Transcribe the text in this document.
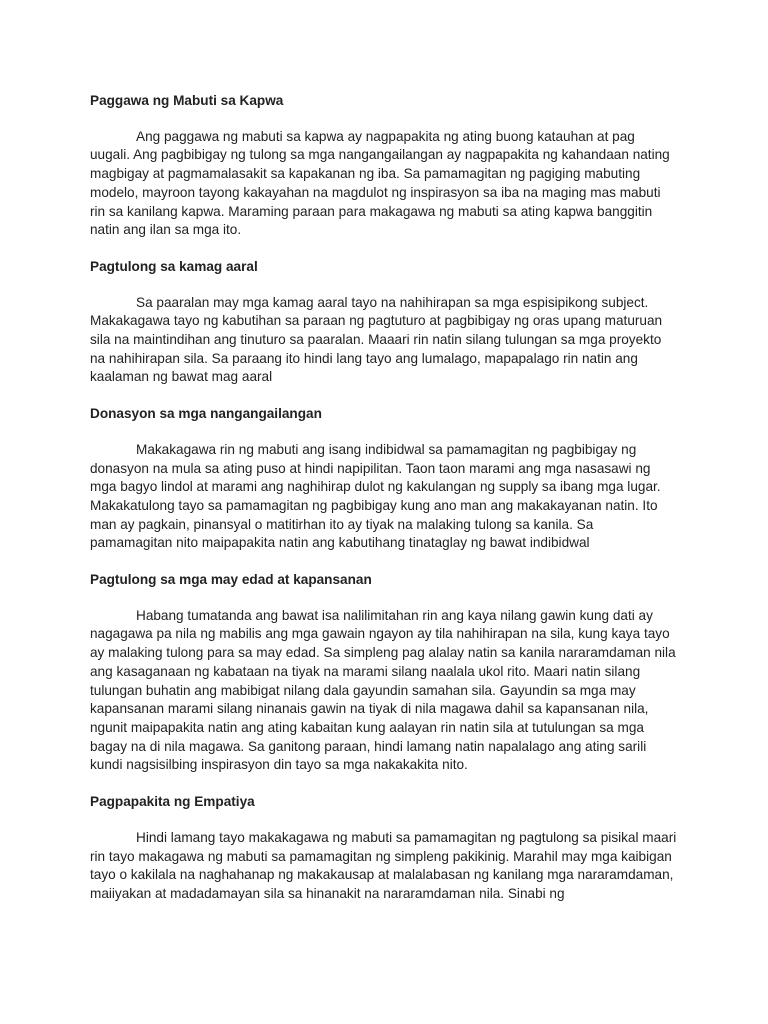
Paggawa ng Mabuti sa Kapwa

Ang paggawa ng mabuti sa kapwa ay nagpapakita ng ating buong katauhan at pag uugali. Ang pagbibigay ng tulong sa mga nangangailangan ay nagpapakita ng kahandaan nating magbigay at pagmamalasakit sa kapakanan ng iba. Sa pamamagitan ng pagiging mabuting modelo, mayroon tayong kakayahan na magdulot ng inspirasyon sa iba na maging mas mabuti rin sa kanilang kapwa. Maraming paraan para makagawa ng mabuti sa ating kapwa banggitin natin ang ilan sa mga ito.

Pagtulong sa kamag aaral

Sa paaralan may mga kamag aaral tayo na nahihirapan sa mga espisipikong subject. Makakagawa tayo ng kabutihan sa paraan ng pagtuturo at pagbibigay ng oras upang maturuan sila na maintindihan ang tinuturo sa paaralan. Maaari rin natin silang tulungan sa mga proyekto na nahihirapan sila. Sa paraang ito hindi lang tayo ang lumalago, mapapalago rin natin ang kaalaman ng bawat mag aaral

Donasyon sa mga nangangailangan

Makakagawa rin ng mabuti ang isang indibidwal sa pamamagitan ng pagbibigay ng donasyon na mula sa ating puso at hindi napipilitan. Taon taon marami ang mga nasasawi ng mga bagyo lindol at marami ang naghihirap dulot ng kakulangan ng supply sa ibang mga lugar. Makakatulong tayo sa pamamagitan ng pagbibigay kung ano man ang makakayanan natin. Ito man ay pagkain, pinansyal o matitirhan ito ay tiyak na malaking tulong sa kanila. Sa pamamagitan nito maipapakita natin ang kabutihang tinataglay ng bawat indibidwal

Pagtulong sa mga may edad at kapansanan

Habang tumatanda ang bawat isa nalilimitahan rin ang kaya nilang gawin kung dati ay nagagawa pa nila ng mabilis ang mga gawain ngayon ay tila nahihirapan na sila, kung kaya tayo ay malaking tulong para sa may edad. Sa simpleng pag alalay natin sa kanila nararamdaman nila ang kasaganaan ng kabataan na tiyak na marami silang naalala ukol rito. Maari natin silang tulungan buhatin ang mabibigat nilang dala gayundin samahan sila. Gayundin sa mga may kapansanan marami silang ninanais gawin na tiyak di nila magawa dahil sa kapansanan nila, ngunit maipapakita natin ang ating kabaitan kung aalayan rin natin sila at tutulungan sa mga bagay na di nila magawa. Sa ganitong paraan, hindi lamang natin napalalago ang ating sarili kundi nagsisilbing inspirasyon din tayo sa mga nakakakita nito.

Pagpapakita ng Empatiya

Hindi lamang tayo makakagawa ng mabuti sa pamamagitan ng pagtulong sa pisikal maari rin tayo makagawa ng mabuti sa pamamagitan ng simpleng pakikinig. Marahil may mga kaibigan tayo o kakilala na naghahanap ng makakausap at malalabasan ng kanilang mga nararamdaman, maiiyakan at madadamayan sila sa hinanakit na nararamdaman nila. Sinabi ng
